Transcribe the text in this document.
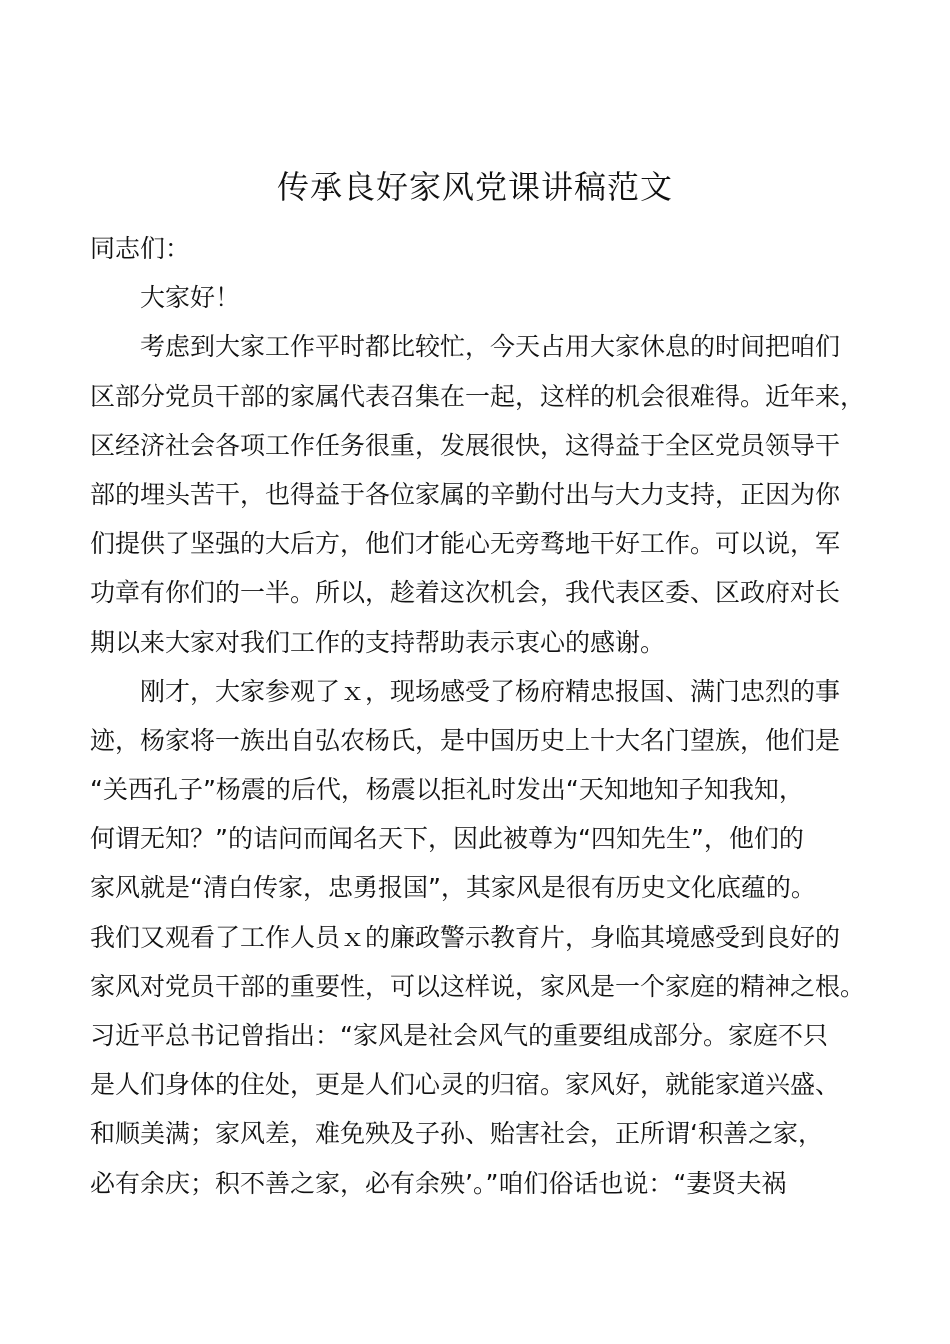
传承良好家风党课讲稿范文
同志们：
大家好！
考虑到大家工作平时都比较忙，今天占用大家休息的时间把咱们
区部分党员干部的家属代表召集在一起，这样的机会很难得。近年来，
区经济社会各项工作任务很重，发展很快，这得益于全区党员领导干
部的埋头苦干，也得益于各位家属的辛勤付出与大力支持，正因为你
们提供了坚强的大后方，他们才能心无旁骛地干好工作。可以说，军
功章有你们的一半。所以，趁着这次机会，我代表区委、区政府对长
期以来大家对我们工作的支持帮助表示衷心的感谢。
刚才，大家参观了ｘ，现场感受了杨府精忠报国、满门忠烈的事
迹，杨家将一族出自弘农杨氏，是中国历史上十大名门望族，他们是
“关西孔子”杨震的后代，杨震以拒礼时发出“天知地知子知我知，
何谓无知？”的诘问而闻名天下，因此被尊为“四知先生”，他们的
家风就是“清白传家，忠勇报国”，其家风是很有历史文化底蕴的。
我们又观看了工作人员ｘ的廉政警示教育片，身临其境感受到良好的
家风对党员干部的重要性，可以这样说，家风是一个家庭的精神之根。
习近平总书记曾指出：“家风是社会风气的重要组成部分。家庭不只
是人们身体的住处，更是人们心灵的归宿。家风好，就能家道兴盛、
和顺美满；家风差，难免殃及子孙、贻害社会，正所谓‘积善之家，
必有余庆；积不善之家，必有余殃’。”咱们俗话也说：“妻贤夫祸
